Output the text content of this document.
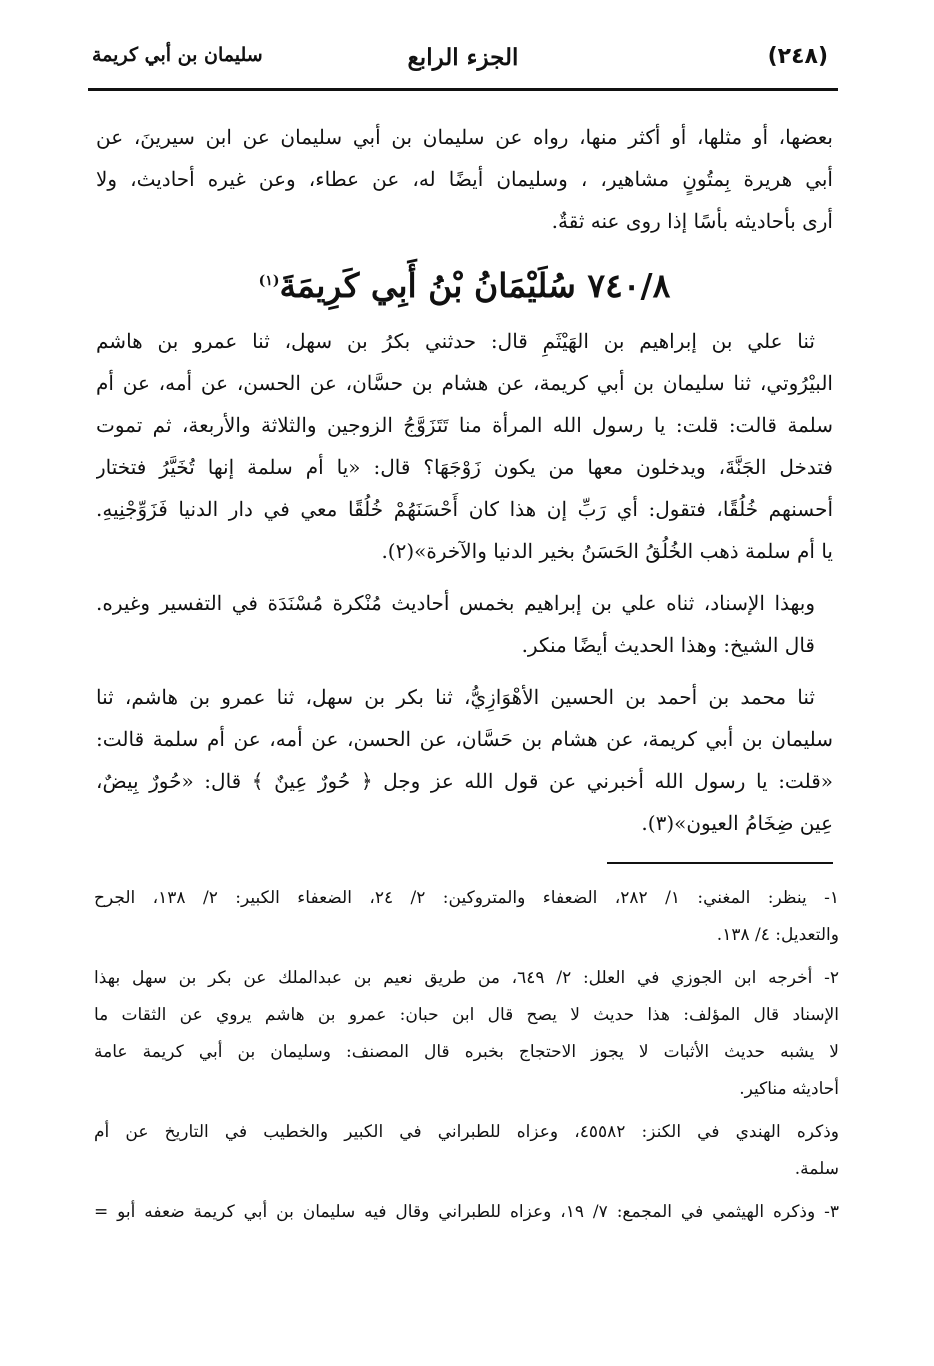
(٢٤٨)
الجزء الرابع
سليمان بن أبي كريمة
بعضها، أو مثلها، أو أكثر منها، رواه عن سليمان بن أبي سليمان عن ابن سيرينَ، عن
أبي هريرة بِمتُونٍ مشاهير، ، وسليمان أيضًا له، عن عطاء، وعن غيره أحاديث، ولا
أرى بأحاديثه بأسًا إذا روى عنه ثقةٌ.
٧٤٠/٨ سُلَيْمَانُ بْنُ أَبِي كَرِيمَةَ$^{(١)}$
ثنا علي بن إبراهيم بن الهَيْثَمِ قال: حدثني بكرُ بن سهل، ثنا عمرو بن هاشم
البيْرُوتي، ثنا سليمان بن أبي كريمة، عن هشام بن حسَّان، عن الحسن، عن أمه، عن أم
سلمة قالت: قلت: يا رسول الله المرأة منا تَتَزَوَّجُ الزوجين والثلاثة والأربعة، ثم تموت
فتدخل الجَنَّةَ، ويدخلون معها من يكون زَوْجَهَا؟ قال: «يا أم سلمة إنها تُخَيَّرُ فتختار
أحسنهم خُلُقًا، فتقول: أي رَبِّ إن هذا كان أَحْسَنَهُمْ خُلُقًا معي في دار الدنيا فَزَوِّجْنِيهِ.
يا أم سلمة ذهب الخُلُقُ الحَسَنُ بخير الدنيا والآخرة»(٢).
وبهذا الإسناد، ثناه علي بن إبراهيم بخمس أحاديث مُنْكرة مُسْنَدَة في التفسير وغيره.
قال الشيخ: وهذا الحديث أيضًا منكر.
ثنا محمد بن أحمد بن الحسين الأهْوَازِيُّ، ثنا بكر بن سهل، ثنا عمرو بن هاشم، ثنا
سليمان بن أبي كريمة، عن هشام بن حَسَّان، عن الحسن، عن أمه، عن أم سلمة قالت:
«قلت: يا رسول الله أخبرني عن قول الله عز وجل ﴿ حُورٌ عِينٌ ﴾ قال: «حُورٌ بِيضٌ،
عِين ضِخَامُ العيون»(٣).
١- ينظر: المغني: ١/ ٢٨٢، الضعفاء والمتروكين: ٢/ ٢٤، الضعفاء الكبير: ٢/ ١٣٨، الجرح
والتعديل: ٤/ ١٣٨.
٢- أخرجه ابن الجوزي في العلل: ٢/ ٦٤٩، من طريق نعيم بن عبدالملك عن بكر بن سهل بهذا
الإسناد قال المؤلف: هذا حديث لا يصح قال ابن حبان: عمرو بن هاشم يروي عن الثقات ما
لا يشبه حديث الأثبات لا يجوز الاحتجاج بخبره قال المصنف: وسليمان بن أبي كريمة عامة
أحاديثه مناكير.
وذكره الهندي في الكنز: ٤٥٥٨٢، وعزاه للطبراني في الكبير والخطيب في التاريخ عن أم
سلمة.
٣- وذكره الهيثمي في المجمع: ٧/ ١٩، وعزاه للطبراني وقال فيه سليمان بن أبي كريمة ضعفه أبو =
